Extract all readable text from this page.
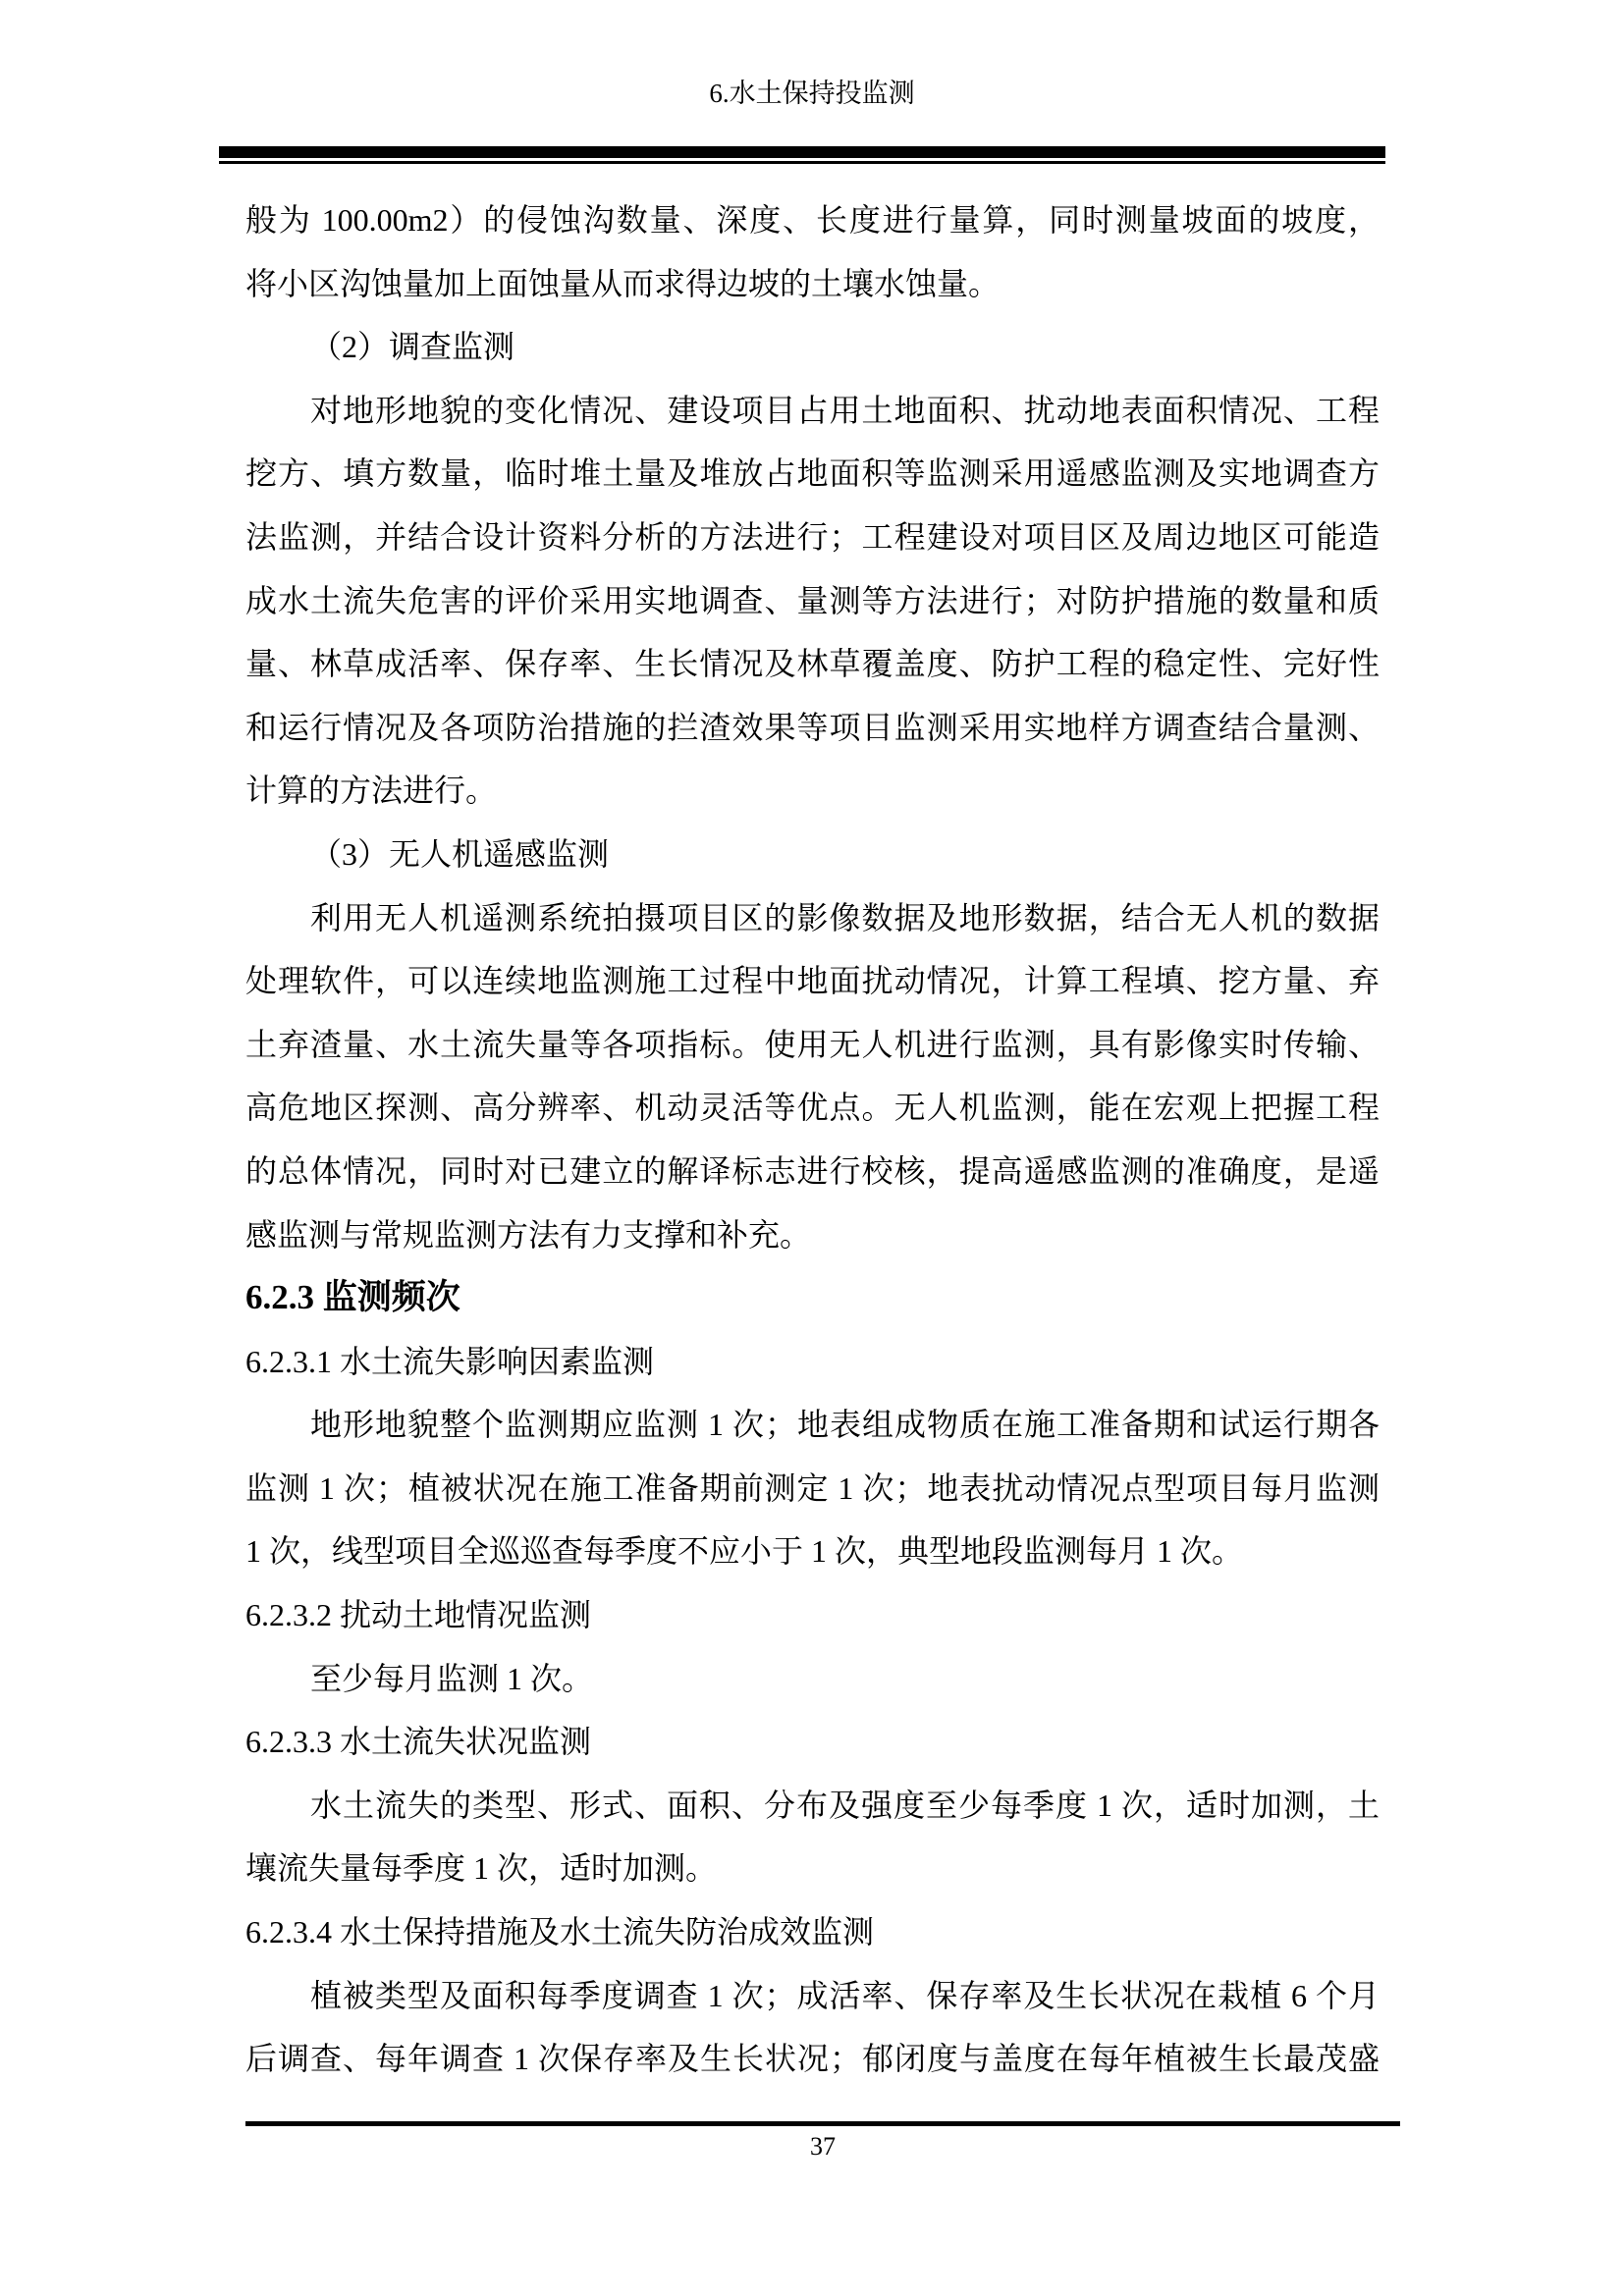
6.水土保持投监测
般为 100.00m2）的侵蚀沟数量、深度、长度进行量算，同时测量坡面的坡度，
将小区沟蚀量加上面蚀量从而求得边坡的土壤水蚀量。
（2）调查监测
对地形地貌的变化情况、建设项目占用土地面积、扰动地表面积情况、工程
挖方、填方数量，临时堆土量及堆放占地面积等监测采用遥感监测及实地调查方
法监测，并结合设计资料分析的方法进行；工程建设对项目区及周边地区可能造
成水土流失危害的评价采用实地调查、量测等方法进行；对防护措施的数量和质
量、林草成活率、保存率、生长情况及林草覆盖度、防护工程的稳定性、完好性
和运行情况及各项防治措施的拦渣效果等项目监测采用实地样方调查结合量测、
计算的方法进行。
（3）无人机遥感监测
利用无人机遥测系统拍摄项目区的影像数据及地形数据，结合无人机的数据
处理软件，可以连续地监测施工过程中地面扰动情况，计算工程填、挖方量、弃
土弃渣量、水土流失量等各项指标。使用无人机进行监测，具有影像实时传输、
高危地区探测、高分辨率、机动灵活等优点。无人机监测，能在宏观上把握工程
的总体情况，同时对已建立的解译标志进行校核，提高遥感监测的准确度，是遥
感监测与常规监测方法有力支撑和补充。
6.2.3 监测频次
6.2.3.1 水土流失影响因素监测
地形地貌整个监测期应监测 1 次；地表组成物质在施工准备期和试运行期各
监测 1 次；植被状况在施工准备期前测定 1 次；地表扰动情况点型项目每月监测
1 次，线型项目全巡巡查每季度不应小于 1 次，典型地段监测每月 1 次。
6.2.3.2 扰动土地情况监测
至少每月监测 1 次。
6.2.3.3 水土流失状况监测
水土流失的类型、形式、面积、分布及强度至少每季度 1 次，适时加测，土
壤流失量每季度 1 次，适时加测。
6.2.3.4 水土保持措施及水土流失防治成效监测
植被类型及面积每季度调查 1 次；成活率、保存率及生长状况在栽植 6 个月
后调查、每年调查 1 次保存率及生长状况；郁闭度与盖度在每年植被生长最茂盛
37
